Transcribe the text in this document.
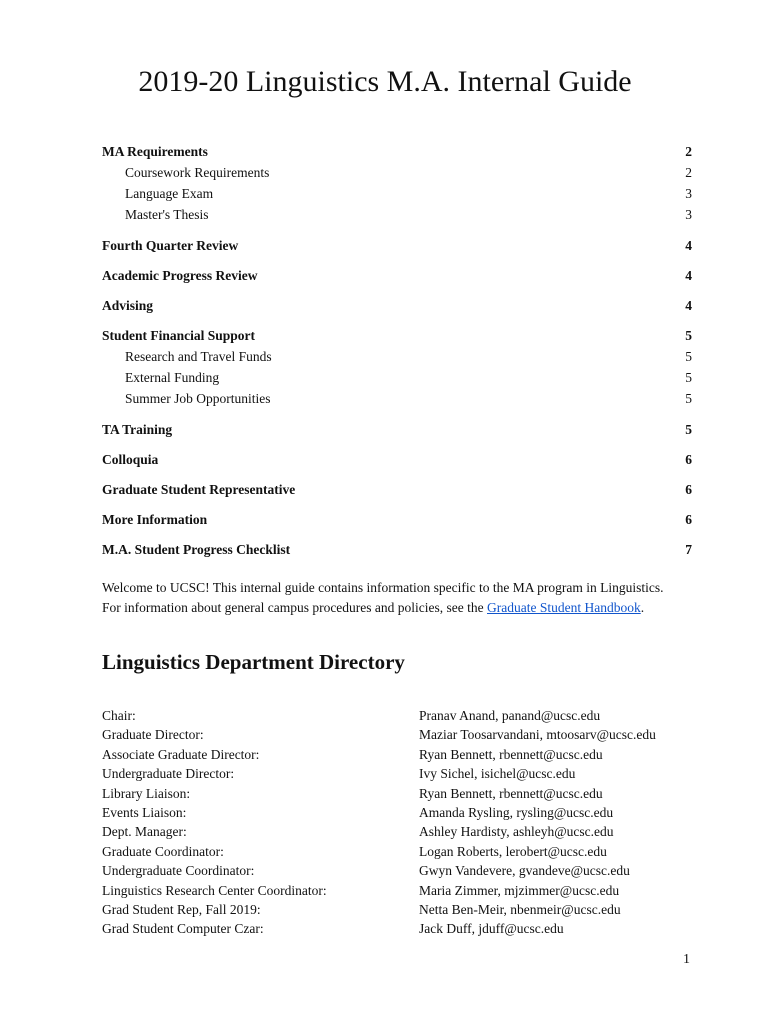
2019-20 Linguistics M.A. Internal Guide
MA Requirements	2
Coursework Requirements	2
Language Exam	3
Master's Thesis	3
Fourth Quarter Review	4
Academic Progress Review	4
Advising	4
Student Financial Support	5
Research and Travel Funds	5
External Funding	5
Summer Job Opportunities	5
TA Training	5
Colloquia	6
Graduate Student Representative	6
More Information	6
M.A. Student Progress Checklist	7
Welcome to UCSC! This internal guide contains information specific to the MA program in Linguistics.
For information about general campus procedures and policies, see the Graduate Student Handbook.
Linguistics Department Directory
Chair:	Pranav Anand, panand@ucsc.edu
Graduate Director:	Maziar Toosarvandani, mtoosarv@ucsc.edu
Associate Graduate Director:	Ryan Bennett, rbennett@ucsc.edu
Undergraduate Director:	Ivy Sichel, isichel@ucsc.edu
Library Liaison:	Ryan Bennett, rbennett@ucsc.edu
Events Liaison:	Amanda Rysling, rysling@ucsc.edu
Dept. Manager:	Ashley Hardisty, ashleyh@ucsc.edu
Graduate Coordinator:	Logan Roberts, lerobert@ucsc.edu
Undergraduate Coordinator:	Gwyn Vandevere, gvandeve@ucsc.edu
Linguistics Research Center Coordinator:	Maria Zimmer, mjzimmer@ucsc.edu
Grad Student Rep, Fall 2019:	Netta Ben-Meir, nbenmeir@ucsc.edu
Grad Student Computer Czar:	Jack Duff, jduff@ucsc.edu
1
